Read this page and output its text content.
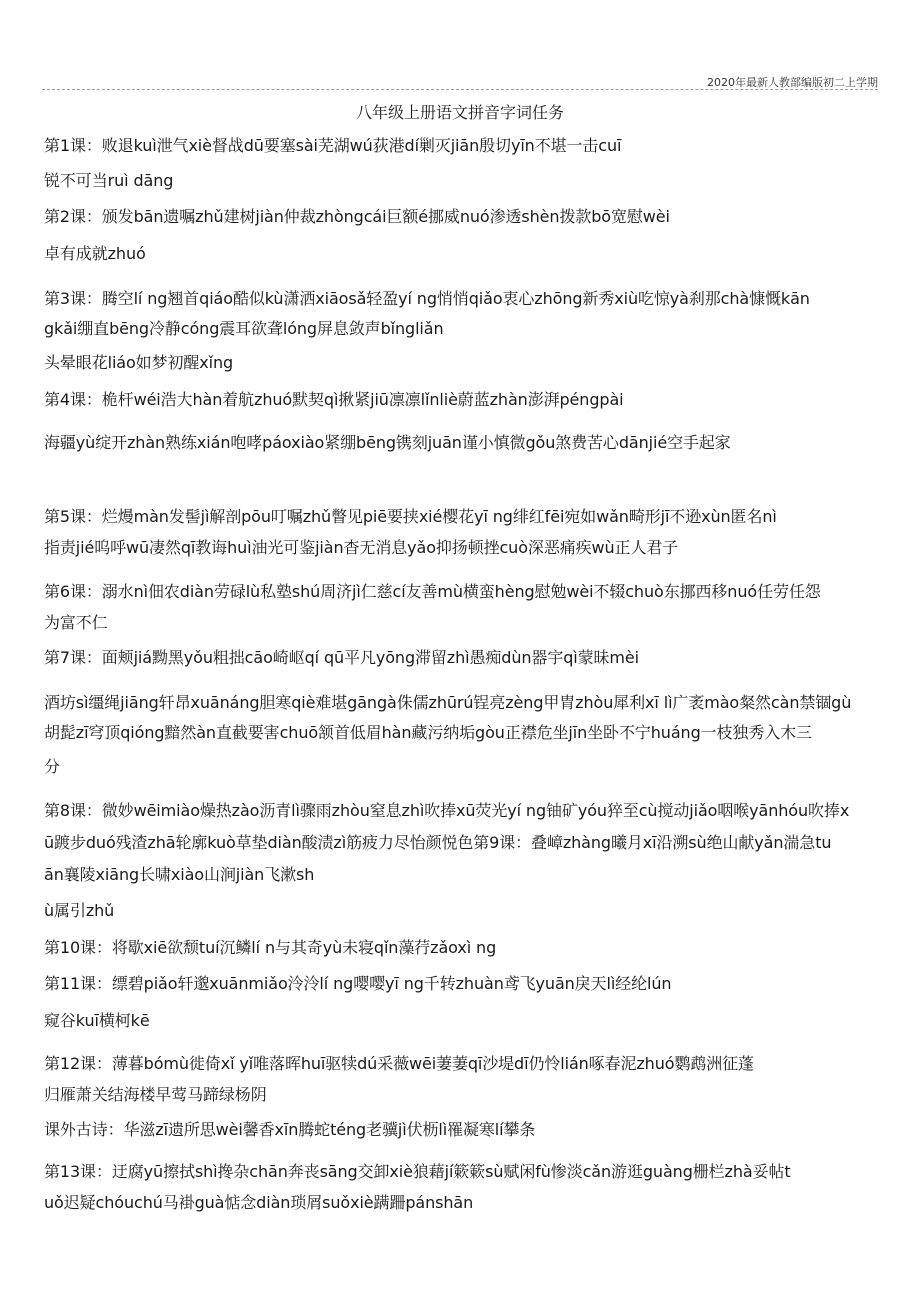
2020年最新人教部编版初二上学期
八年级上册语文拼音字词任务
第1课：败退kuì泄气xiè督战dū要塞sài芜湖wú荻港dí剿灭jiān殷切yīn不堪一击cuī
锐不可当ruì dāng
第2课：颁发bān遗嘱zhǔ建树jiàn仲裁zhòngcái巨额é挪威nuó渗透shèn拨款bō宽慰wèi
卓有成就zhuó
第3课：腾空lí ng翘首qiáo酷似kù潇洒xiāosǎ轻盈yí ng悄悄qiǎo衷心zhōng新秀xiù吃惊yà刹那chà慷慨kān
gkǎi绷直bēng冷静cóng震耳欲聋lóng屏息敛声bǐngliǎn
头晕眼花liáo如梦初醒xǐng
第4课：桅杆wéi浩大hàn着航zhuó默契qì揪紧jiū凛凛lǐnliè蔚蓝zhàn澎湃péngpài
海疆yù绽开zhàn熟练xián咆哮páoxiào紧绷bēng镌刻juān谨小慎微gǒu煞费苦心dānjié空手起家
第5课：烂熳màn发髻jì解剖pōu叮嘱zhǔ瞥见piē要挟xié樱花yī ng绯红fēi宛如wǎn畸形jī不逊xùn匿名nì
指责jié呜呼wū凄然qī教诲huì油光可鉴jiàn杳无消息yǎo抑扬顿挫cuò深恶痛疾wù正人君子
第6课：溺水nì佃农diàn劳碌lù私塾shú周济jì仁慈cí友善mù横蛮hèng慰勉wèi不辍chuò东挪西移nuó任劳任怨
为富不仁
第7课：面颊jiá黝黑yǒu粗拙cāo崎岖qí qū平凡yōng滞留zhì愚痴dùn器宇qì蒙昧mèi
酒坊sì缰绳jiāng轩昂xuānáng胆寒qiè难堪gāngà侏儒zhūrú锃亮zèng甲胄zhòu犀利xī lì广袤mào粲然càn禁锢gù
胡髭zī穹顶qióng黯然àn直截要害chuō颔首低眉hàn藏污纳垢gòu正襟危坐jīn坐卧不宁huáng一枝独秀入木三
分
第8课：微妙wēimiào燥热zào沥青lì骤雨zhòu窒息zhì吹捧xū荧光yí ng铀矿yóu猝至cù搅动jiǎo咽喉yānhóu吹捧x
ū踱步duó残渣zhā轮廓kuò草垫diàn酸渍zì筋疲力尽怡颜悦色第9课：叠嶂zhàng曦月xī沿溯sù绝山献yǎn湍急tu
ān襄陵xiāng长啸xiào山涧jiàn飞漱sh
ù属引zhǔ
第10课：将歇xiē欲颓tuí沉鳞lí n与其奇yù未寝qǐn藻荇zǎoxì ng
第11课：缥碧piǎo轩邈xuānmiǎo泠泠lí ng嘤嘤yī ng千转zhuàn鸢飞yuān戾天lì经纶lún
窥谷kuī横柯kē
第12课：薄暮bómù徙倚xǐ yǐ唯落晖huī驱犊dú采薇wēi萋萋qī沙堤dī仍怜lián啄春泥zhuó鹦鹉洲征蓬
归雁萧关结海楼早莺马蹄绿杨阴
课外古诗：华滋zī遗所思wèi馨香xīn腾蛇téng老骥jì伏枥lì罹凝寒lí攀条
第13课：迂腐yū擦拭shì搀杂chān奔丧sāng交卸xiè狼藉jí簌簌sù赋闲fù惨淡cǎn游逛guàng栅栏zhà妥帖t
uǒ迟疑chóuchú马褂guà惦念diàn琐屑suǒxiè蹒跚pánshān
